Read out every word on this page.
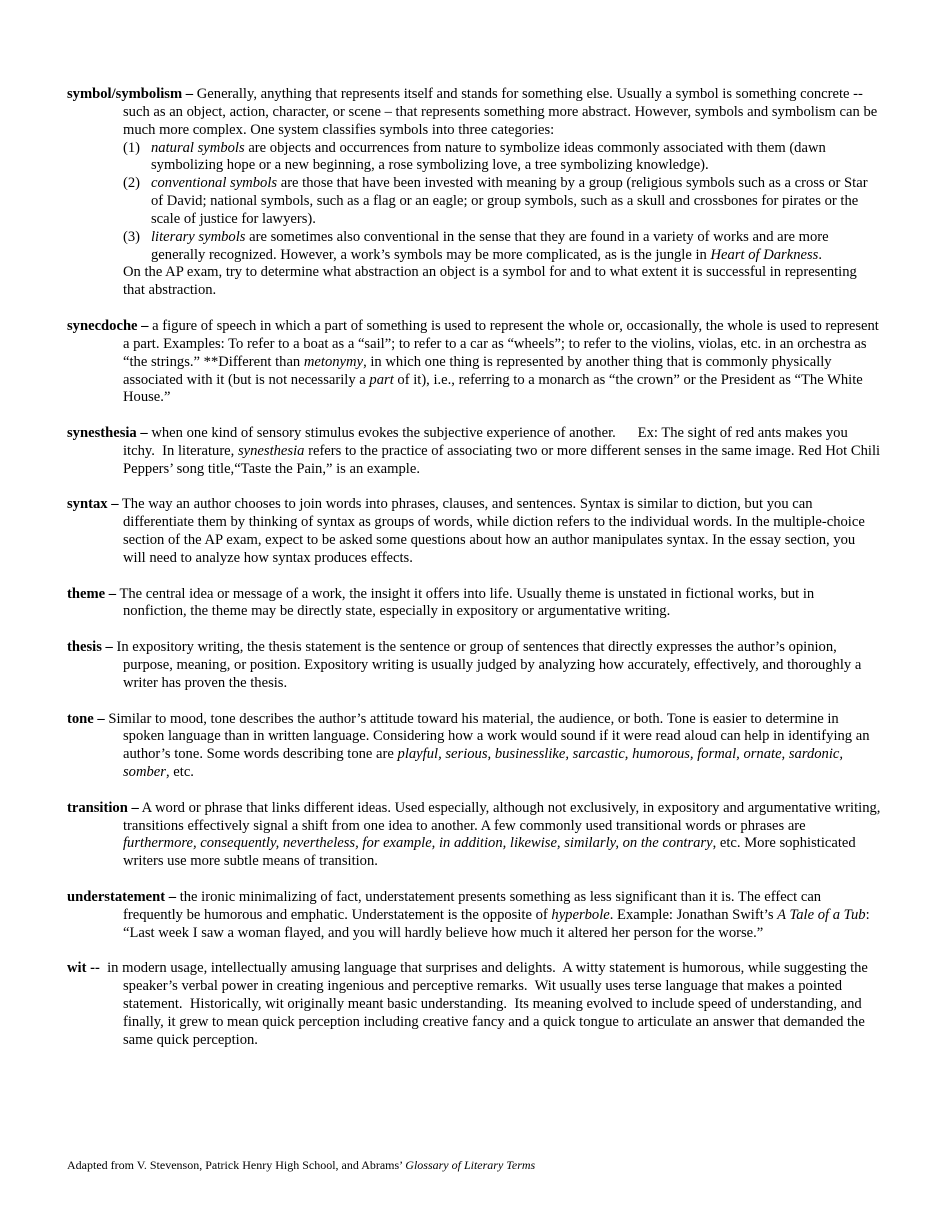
symbol/symbolism – Generally, anything that represents itself and stands for something else. Usually a symbol is something concrete -- such as an object, action, character, or scene – that represents something more abstract. However, symbols and symbolism can be much more complex. One system classifies symbols into three categories:
(1) natural symbols are objects and occurrences from nature to symbolize ideas commonly associated with them (dawn symbolizing hope or a new beginning, a rose symbolizing love, a tree symbolizing knowledge).
(2) conventional symbols are those that have been invested with meaning by a group (religious symbols such as a cross or Star of David; national symbols, such as a flag or an eagle; or group symbols, such as a skull and crossbones for pirates or the scale of justice for lawyers).
(3) literary symbols are sometimes also conventional in the sense that they are found in a variety of works and are more generally recognized. However, a work’s symbols may be more complicated, as is the jungle in Heart of Darkness.
On the AP exam, try to determine what abstraction an object is a symbol for and to what extent it is successful in representing that abstraction.
synecdoche – a figure of speech in which a part of something is used to represent the whole or, occasionally, the whole is used to represent a part. Examples: To refer to a boat as a “sail”; to refer to a car as “wheels”; to refer to the violins, violas, etc. in an orchestra as “the strings.” **Different than metonymy, in which one thing is represented by another thing that is commonly physically associated with it (but is not necessarily a part of it), i.e., referring to a monarch as “the crown” or the President as “The White House.”
synesthesia – when one kind of sensory stimulus evokes the subjective experience of another.      Ex: The sight of red ants makes you itchy.  In literature, synesthesia refers to the practice of associating two or more different senses in the same image. Red Hot Chili Peppers’ song title,“Taste the Pain,” is an example.
syntax – The way an author chooses to join words into phrases, clauses, and sentences. Syntax is similar to diction, but you can differentiate them by thinking of syntax as groups of words, while diction refers to the individual words. In the multiple-choice section of the AP exam, expect to be asked some questions about how an author manipulates syntax. In the essay section, you will need to analyze how syntax produces effects.
theme – The central idea or message of a work, the insight it offers into life. Usually theme is unstated in fictional works, but in nonfiction, the theme may be directly state, especially in expository or argumentative writing.
thesis – In expository writing, the thesis statement is the sentence or group of sentences that directly expresses the author’s opinion, purpose, meaning, or position. Expository writing is usually judged by analyzing how accurately, effectively, and thoroughly a writer has proven the thesis.
tone – Similar to mood, tone describes the author’s attitude toward his material, the audience, or both. Tone is easier to determine in spoken language than in written language. Considering how a work would sound if it were read aloud can help in identifying an author’s tone. Some words describing tone are playful, serious, businesslike, sarcastic, humorous, formal, ornate, sardonic, somber, etc.
transition – A word or phrase that links different ideas. Used especially, although not exclusively, in expository and argumentative writing, transitions effectively signal a shift from one idea to another. A few commonly used transitional words or phrases are furthermore, consequently, nevertheless, for example, in addition, likewise, similarly, on the contrary, etc. More sophisticated writers use more subtle means of transition.
understatement – the ironic minimalizing of fact, understatement presents something as less significant than it is. The effect can frequently be humorous and emphatic. Understatement is the opposite of hyperbole. Example: Jonathan Swift’s A Tale of a Tub: “Last week I saw a woman flayed, and you will hardly believe how much it altered her person for the worse.”
wit --  in modern usage, intellectually amusing language that surprises and delights.  A witty statement is humorous, while suggesting the speaker’s verbal power in creating ingenious and perceptive remarks.  Wit usually uses terse language that makes a pointed statement.  Historically, wit originally meant basic understanding.  Its meaning evolved to include speed of understanding, and finally, it grew to mean quick perception including creative fancy and a quick tongue to articulate an answer that demanded the same quick perception.
Adapted from V. Stevenson, Patrick Henry High School, and Abrams’ Glossary of Literary Terms
